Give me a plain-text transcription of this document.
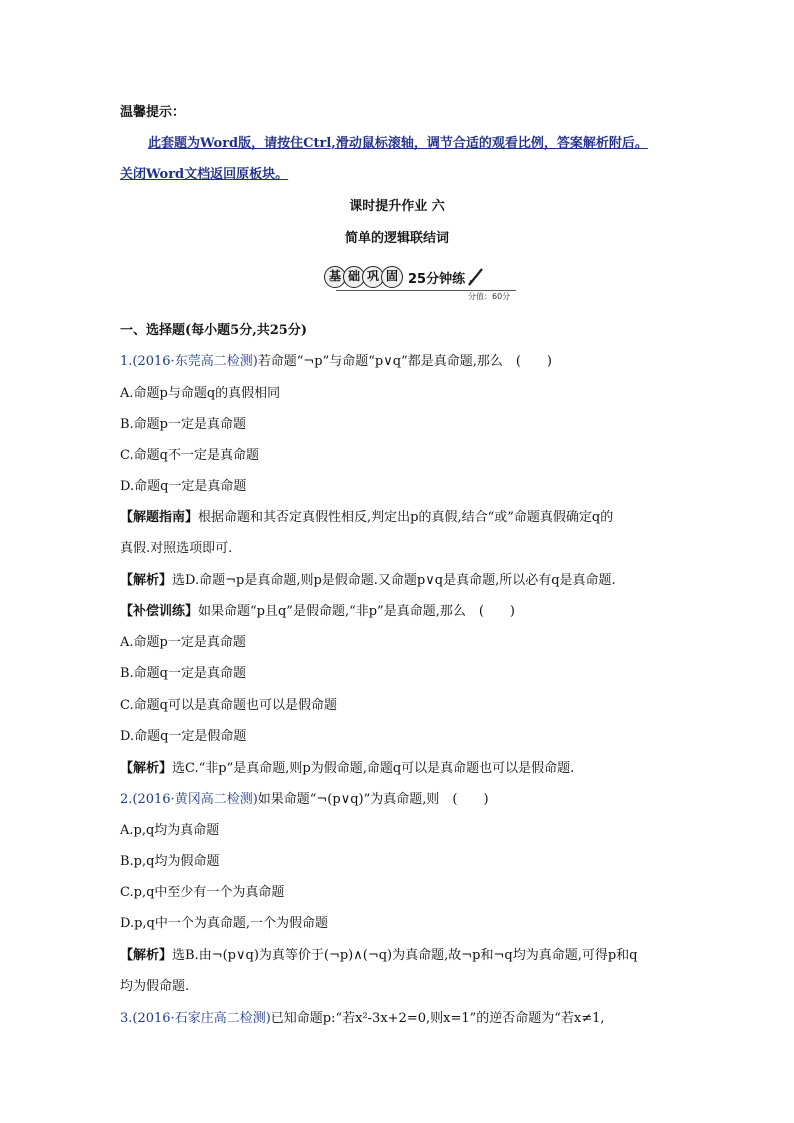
温馨提示：
此套题为Word版，请按住Ctrl,滑动鼠标滚轴，调节合适的观看比例，答案解析附后。
关闭Word文档返回原板块。
课时提升作业 六
简单的逻辑联结词
基 础 巩 固 25分钟练
分值：60分
一、选择题(每小题5分,共25分)
1.(2016·东莞高二检测)若命题“¬p”与命题“p∨q”都是真命题,那么　(　　)
A.命题p与命题q的真假相同
B.命题p一定是真命题
C.命题q不一定是真命题
D.命题q一定是真命题
【解题指南】根据命题和其否定真假性相反,判定出p的真假,结合“或”命题真假确定q的
真假.对照选项即可.
【解析】选D.命题¬p是真命题,则p是假命题.又命题p∨q是真命题,所以必有q是真命题.
【补偿训练】如果命题“p且q”是假命题,“非p”是真命题,那么　(　　)
A.命题p一定是真命题
B.命题q一定是真命题
C.命题q可以是真命题也可以是假命题
D.命题q一定是假命题
【解析】选C.“非p”是真命题,则p为假命题,命题q可以是真命题也可以是假命题.
2.(2016·黄冈高二检测)如果命题“¬(p∨q)”为真命题,则　(　　)
A.p,q均为真命题
B.p,q均为假命题
C.p,q中至少有一个为真命题
D.p,q中一个为真命题,一个为假命题
【解析】选B.由¬(p∨q)为真等价于(¬p)∧(¬q)为真命题,故¬p和¬q均为真命题,可得p和q
均为假命题.
3.(2016·石家庄高二检测)已知命题p:“若x²-3x+2=0,则x=1”的逆否命题为“若x≠1,
